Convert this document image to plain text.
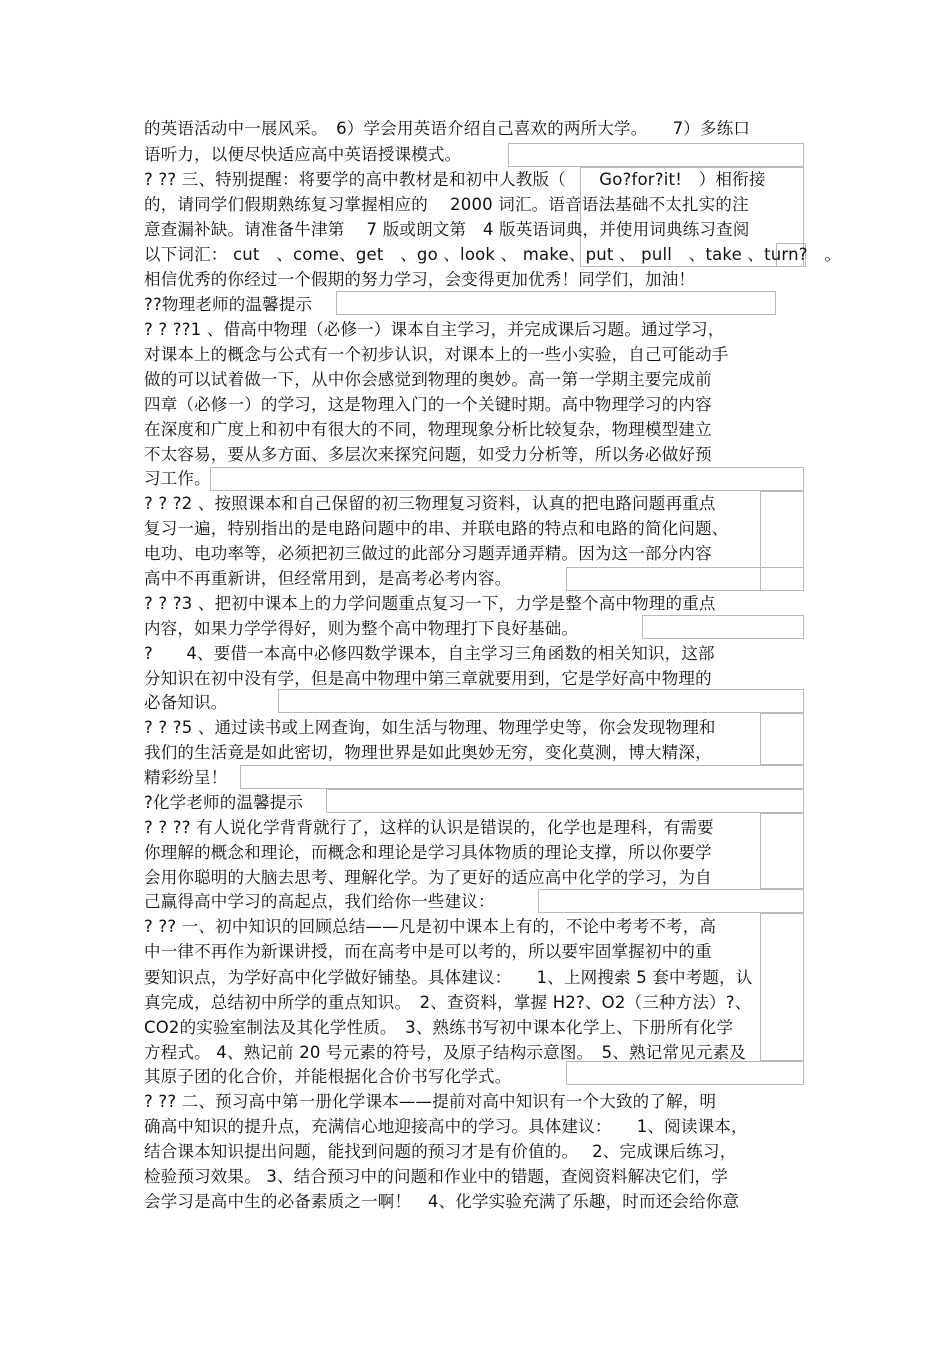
的英语活动中一展风采。　6）学会用英语介绍自己喜欢的两所大学。　　7）多练口
语听力，以便尽快适应高中英语授课模式。
? ?? 三、特别提醒：将要学的高中教材是和初中人教版（　　Go?for?it!　）相衔接
的，请同学们假期熟练复习掌握相应的　 2000 词汇。语音语法基础不太扎实的注
意查漏补缺。请准备牛津第　 7 版或朗文第　4 版英语词典，并使用词典练习查阅
以下词汇： cut　、come、get　、go 、look 、 make、put 、 pull　、take 、turn?　。
相信优秀的你经过一个假期的努力学习，会变得更加优秀！同学们，加油！
??物理老师的温馨提示
? ? ??1 、借高中物理（必修一）课本自主学习，并完成课后习题。通过学习，
对课本上的概念与公式有一个初步认识，对课本上的一些小实验，自己可能动手
做的可以试着做一下，从中你会感觉到物理的奥妙。高一第一学期主要完成前
四章（必修一）的学习，这是物理入门的一个关键时期。高中物理学习的内容
在深度和广度上和初中有很大的不同，物理现象分析比较复杂，物理模型建立
不太容易，要从多方面、多层次来探究问题，如受力分析等，所以务必做好预
习工作。
? ? ?2 、按照课本和自己保留的初三物理复习资料，认真的把电路问题再重点
复习一遍，特别指出的是电路问题中的串、并联电路的特点和电路的简化问题、
电功、电功率等，必须把初三做过的此部分习题弄通弄精。因为这一部分内容
高中不再重新讲，但经常用到，是高考必考内容。
? ? ?3 、把初中课本上的力学问题重点复习一下，力学是整个高中物理的重点
内容，如果力学学得好，则为整个高中物理打下良好基础。
?　　4、要借一本高中必修四数学课本，自主学习三角函数的相关知识，这部
分知识在初中没有学，但是高中物理中第三章就要用到，它是学好高中物理的
必备知识。
? ? ?5 、通过读书或上网查询，如生活与物理、物理学史等，你会发现物理和
我们的生活竟是如此密切，物理世界是如此奥妙无穷，变化莫测，博大精深，
精彩纷呈！
?化学老师的温馨提示
? ? ?? 有人说化学背背就行了，这样的认识是错误的，化学也是理科，有需要
你理解的概念和理论，而概念和理论是学习具体物质的理论支撑，所以你要学
会用你聪明的大脑去思考、理解化学。为了更好的适应高中化学的学习，为自
己赢得高中学习的高起点，我们给你一些建议：
? ?? 一、初中知识的回顾总结——凡是初中课本上有的，不论中考考不考，高
中一律不再作为新课讲授，而在高考中是可以考的，所以要牢固掌握初中的重
要知识点，为学好高中化学做好铺垫。具体建议：　　1、上网搜索 5 套中考题，认
真完成，总结初中所学的重点知识。　2、查资料，掌握 H2?、O2（三种方法）?、
CO2的实验室制法及其化学性质。　3、熟练书写初中课本化学上、下册所有化学
方程式。 4、熟记前 20 号元素的符号，及原子结构示意图。　5、熟记常见元素及
其原子团的化合价，并能根据化合价书写化学式。
? ?? 二、预习高中第一册化学课本——提前对高中知识有一个大致的了解，明
确高中知识的提升点，充满信心地迎接高中的学习。具体建议：　　1、阅读课本，
结合课本知识提出问题，能找到问题的预习才是有价值的。　 2、完成课后练习，
检验预习效果。 3、结合预习中的问题和作业中的错题，查阅资料解决它们，学
会学习是高中生的必备素质之一啊！　4、化学实验充满了乐趣，时而还会给你意
